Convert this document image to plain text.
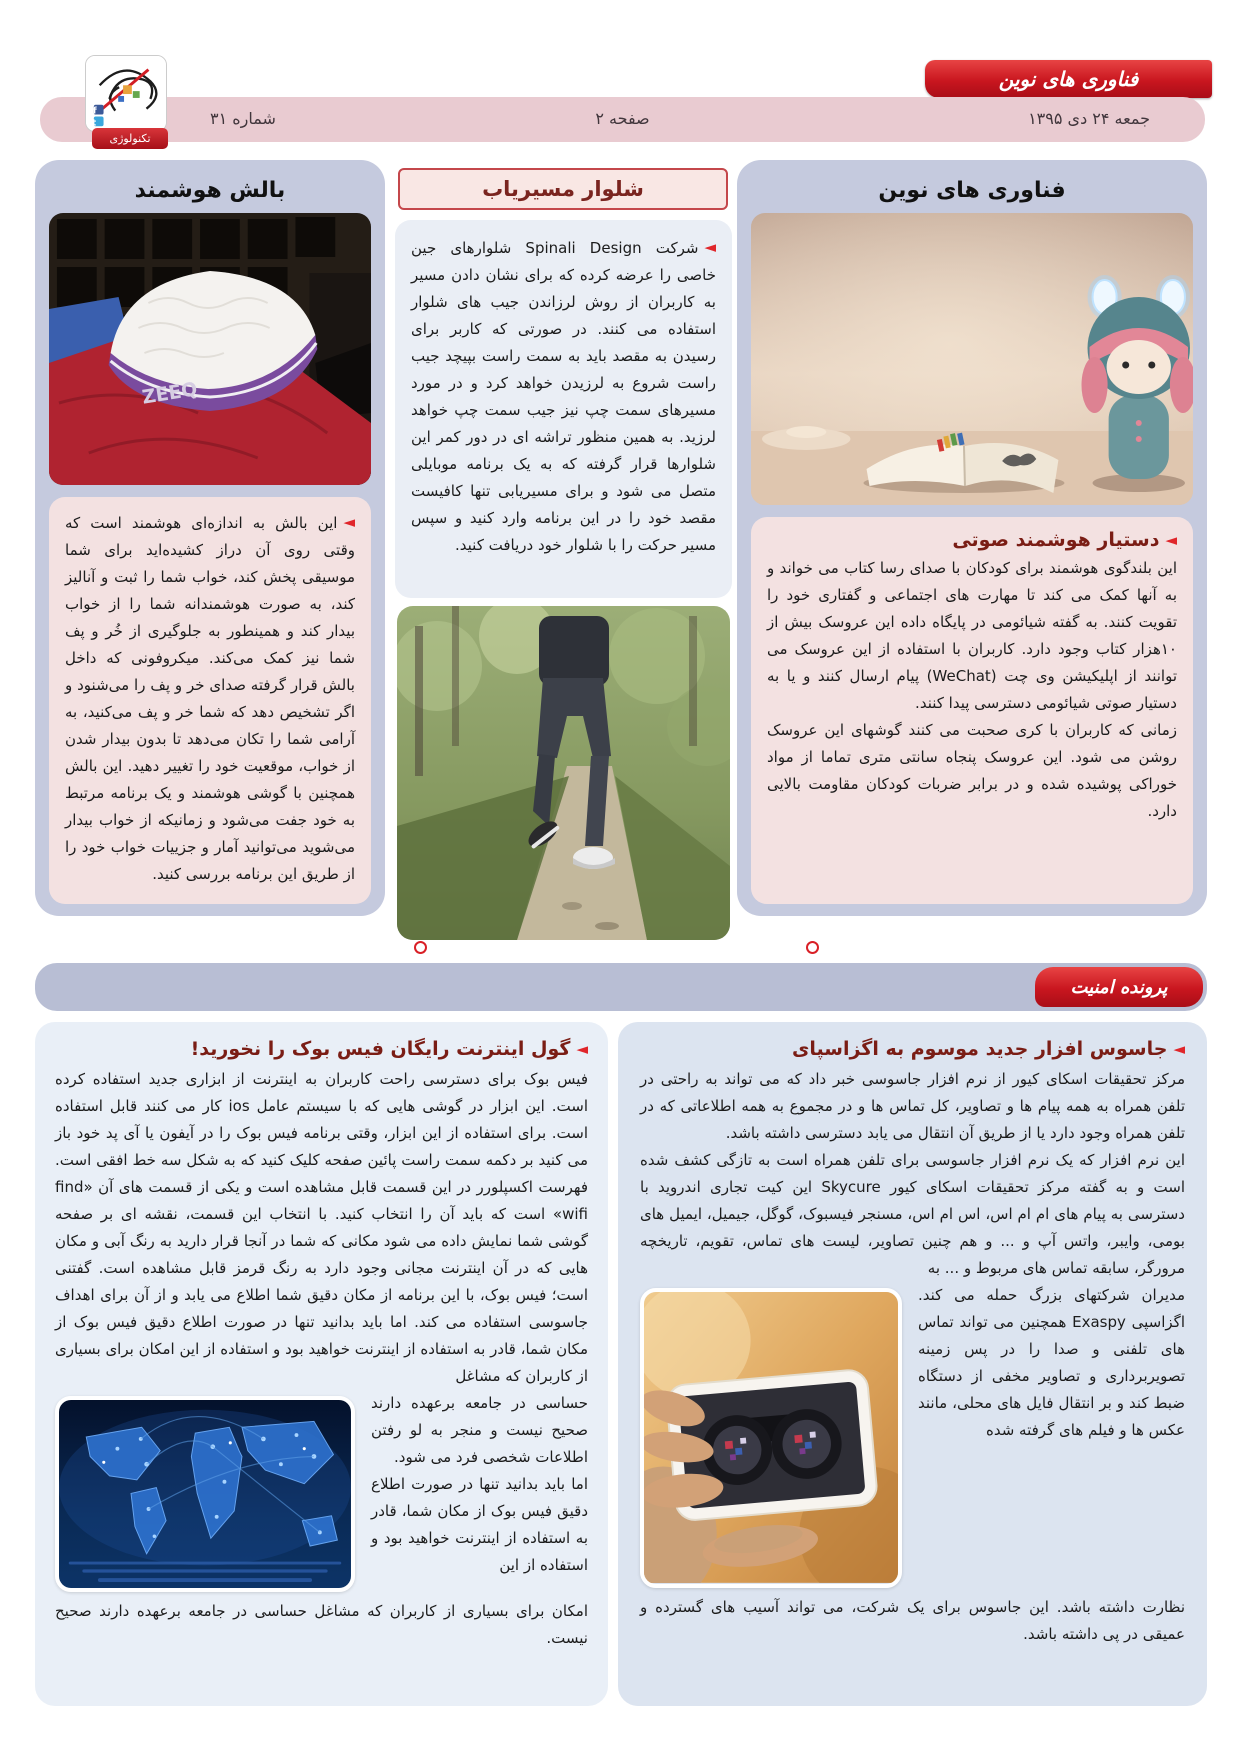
فناوری های نوین
جمعه ۲۴ دی ۱۳۹۵
صفحه ۲
شماره ۳۱
f
t
تکنولوژی
فناوری های نوین
◄دستیار هوشمند صوتی

این بلندگوی هوشمند برای کودکان با صدای رسا کتاب می خواند و به آنها کمک می کند تا مهارت های اجتماعی و گفتاری خود را تقویت کنند. به گفته شیائومی در پایگاه داده این عروسک بیش از ۱۰هزار کتاب وجود دارد. کاربران با استفاده از این عروسک می توانند از اپلیکیشن وی چت (WeChat) پیام ارسال کنند و یا به دستیار صوتی شیائومی دسترسی پیدا کنند.

زمانی که کاربران با کری صحبت می کنند گوشهای این عروسک روشن می شود. این عروسک پنجاه سانتی متری تماما از مواد خوراکی پوشیده شده و در برابر ضربات کودکان مقاومت بالایی دارد.

شلوار مسیریاب

◄شرکت Spinali Design شلوارهای جین خاصی را عرضه کرده که برای نشان دادن مسیر به کاربران از روش لرزاندن جیب های شلوار استفاده می کنند. در صورتی که کاربر برای رسیدن به مقصد باید به سمت راست بپیچد جیب راست شروع به لرزیدن خواهد کرد و در مورد مسیرهای سمت چپ نیز جیب سمت چپ خواهد لرزید. به همین منظور تراشه ای در دور کمر این شلوارها قرار گرفته که به یک برنامه موبایلی متصل می شود و برای مسیریابی تنها کافیست مقصد خود را در این برنامه وارد کنید و سپس مسیر حرکت را با شلوار خود دریافت کنید.

بالش هوشمند
ZEEQ

◄این بالش به اندازه‌ای هوشمند است که وقتی روی آن دراز کشیده‌اید برای شما موسیقی پخش کند، خواب شما را ثبت و آنالیز کند، به صورت هوشمندانه شما را از خواب بیدار کند و همینطور به جلوگیری از خُر و پف شما نیز کمک می‌کند. میکروفونی که داخل بالش قرار گرفته صدای خر و پف را می‌شنود و اگر تشخیص دهد که شما خر و پف می‌کنید، به آرامی شما را تکان می‌دهد تا بدون بیدار شدن از خواب، موقعیت خود را تغییر دهید. این بالش همچنین با گوشی هوشمند و یک برنامه مرتبط به خود جفت می‌شود و زمانیکه از خواب بیدار می‌شوید می‌توانید آمار و جزییات خواب خود را از طریق این برنامه بررسی کنید.

پرونده امنیت
◄جاسوس افزار جدید موسوم به اگزاسپای

مرکز تحقیقات اسکای کیور از نرم افزار جاسوسی خبر داد که می تواند به راحتی در تلفن همراه به همه پیام ها و تصاویر، کل تماس ها و در مجموع به همه اطلاعاتی که در تلفن همراه وجود دارد یا از طریق آن انتقال می یابد دسترسی داشته باشد.

این نرم افزار که یک نرم افزار جاسوسی برای تلفن همراه است به تازگی کشف شده است و به گفته مرکز تحقیقات اسکای کیور Skycure این کیت تجاری اندروید با دسترسی به پیام های ام ام اس، اس ام اس، مسنجر فیسبوک، گوگل، جیمیل، ایمیل های بومی، وایبر، واتس آپ و ... و هم چنین تصاویر، لیست های تماس، تقویم، تاریخچه مرورگر، سابقه تماس های مربوط و ... به

مدیران شرکتهای بزرگ حمله می کند. اگزاسپی Exaspy همچنین می تواند تماس های تلفنی و صدا را در پس زمینه تصویربرداری و تصاویر مخفی از دستگاه ضبط کند و بر انتقال فایل های محلی، مانند عکس ها و فیلم های گرفته شده

نظارت داشته باشد. این جاسوس برای یک شرکت، می تواند آسیب های گسترده و عمیقی در پی داشته باشد.

◄گول اینترنت رایگان فیس بوک را نخورید!

فیس بوک برای دسترسی راحت کاربران به اینترنت از ابزاری جدید استفاده کرده است. این ابزار در گوشی هایی که با سیستم عامل ios کار می کنند قابل استفاده است. برای استفاده از این ابزار، وقتی برنامه فیس بوک را در آیفون یا آی پد خود باز می کنید بر دکمه سمت راست پائین صفحه کلیک کنید که به شکل سه خط افقی است. فهرست اکسپلورر در این قسمت قابل مشاهده است و یکی از قسمت های آن «find wifi» است که باید آن را انتخاب کنید. با انتخاب این قسمت، نقشه ای بر صفحه گوشی شما نمایش داده می شود مکانی که شما در آنجا قرار دارید به رنگ آبی و مکان هایی که در آن اینترنت مجانی وجود دارد به رنگ قرمز قابل مشاهده است. گفتنی است؛ فیس بوک، با این برنامه از مکان دقیق شما اطلاع می یابد و از آن برای اهداف جاسوسی استفاده می کند. اما باید بدانید تنها در صورت اطلاع دقیق فیس بوک از مکان شما، قادر به استفاده از اینترنت خواهید بود و استفاده از این امکان برای بسیاری از کاربران که مشاغل

حساسی در جامعه برعهده دارند صحیح نیست و منجر به لو رفتن اطلاعات شخصی فرد می شود.

اما باید بدانید تنها در صورت اطلاع دقیق فیس بوک از مکان شما، قادر به استفاده از اینترنت خواهید بود و استفاده از این

امکان برای بسیاری از کاربران که مشاغل حساسی در جامعه برعهده دارند صحیح نیست.
